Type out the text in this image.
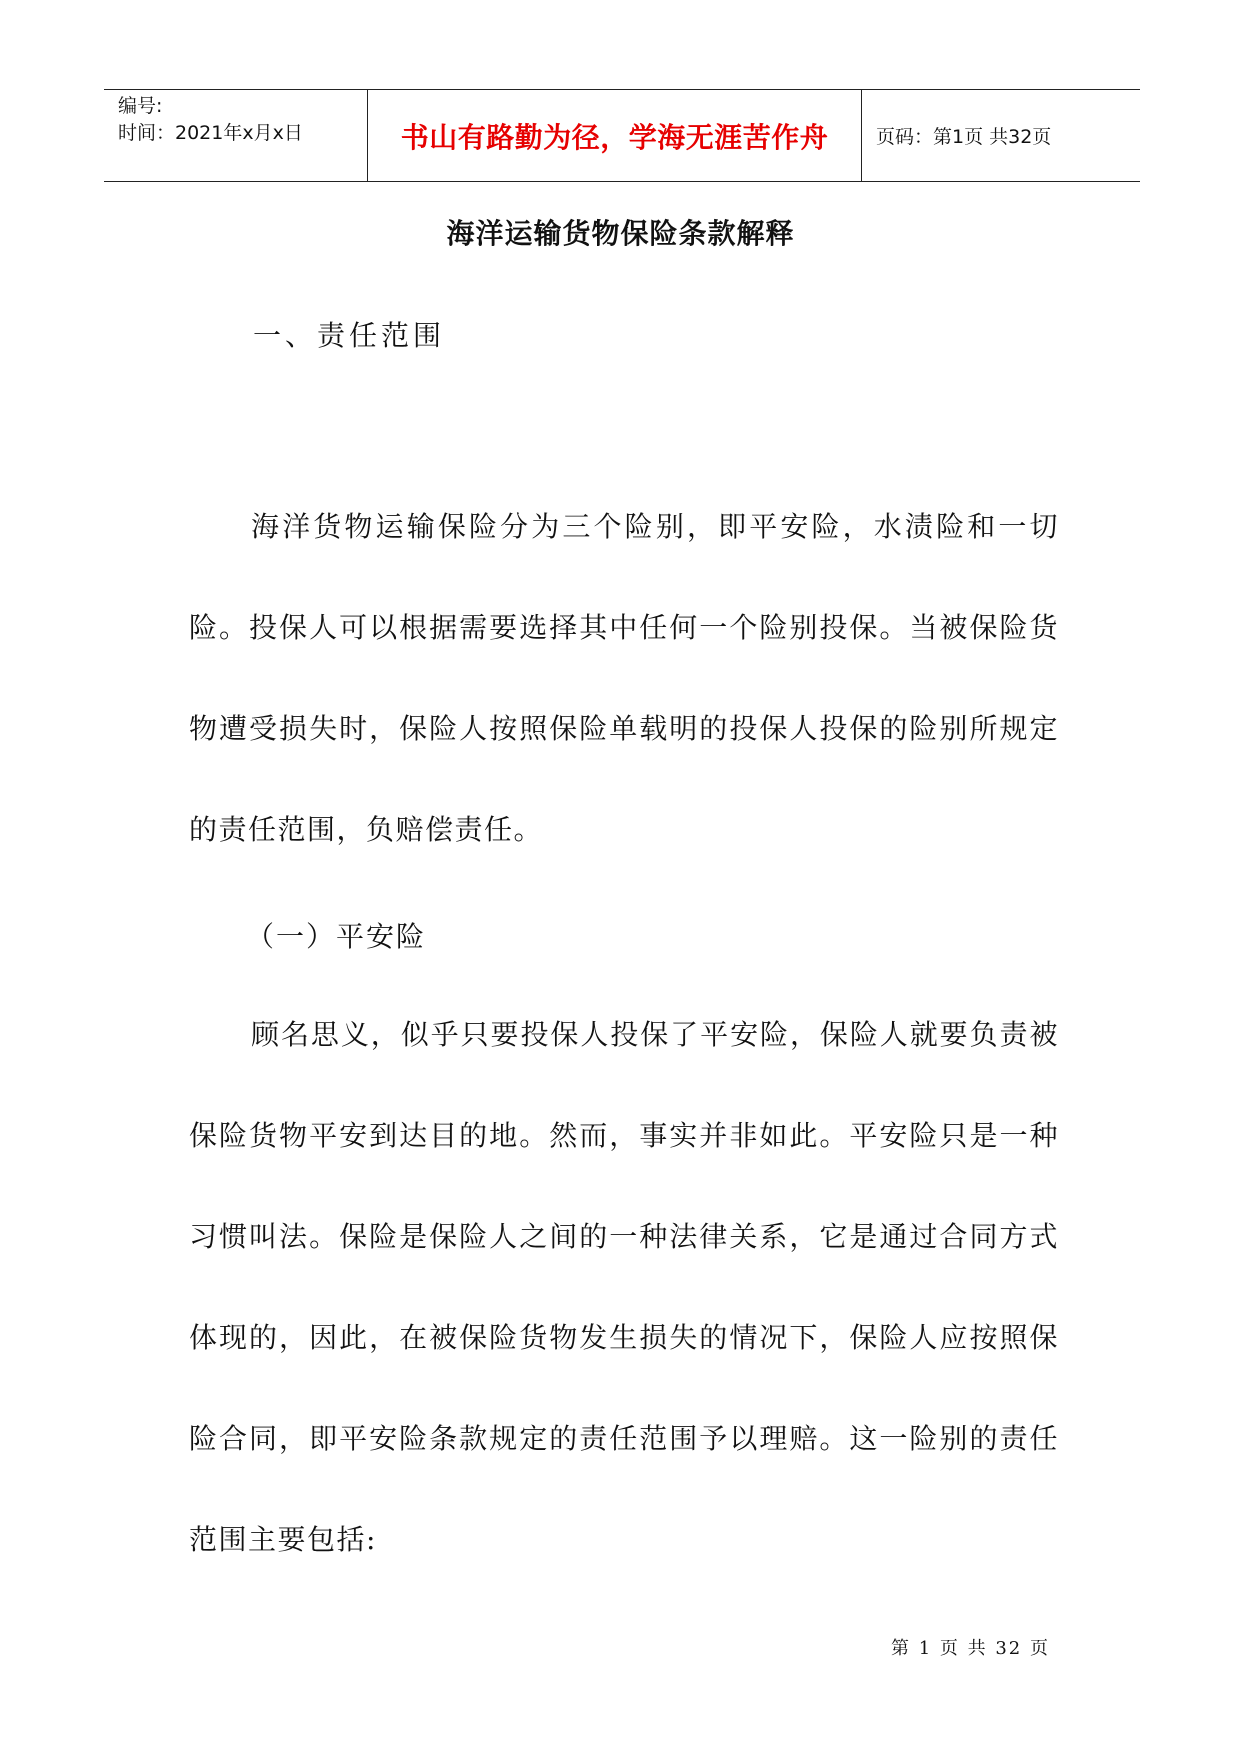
编号:
时间：2021年x月x日	书山有路勤为径，学海无涯苦作舟	页码：第1页 共32页
海洋运输货物保险条款解释
一、责任范围
海洋货物运输保险分为三个险别，即平安险，水渍险和一切险。投保人可以根据需要选择其中任何一个险别投保。当被保险货物遭受损失时，保险人按照保险单载明的投保人投保的险别所规定的责任范围，负赔偿责任。
（一）平安险
顾名思义，似乎只要投保人投保了平安险，保险人就要负责被保险货物平安到达目的地。然而，事实并非如此。平安险只是一种习惯叫法。保险是保险人之间的一种法律关系，它是通过合同方式体现的，因此，在被保险货物发生损失的情况下，保险人应按照保险合同，即平安险条款规定的责任范围予以理赔。这一险别的责任范围主要包括:
第 1 页 共 32 页
